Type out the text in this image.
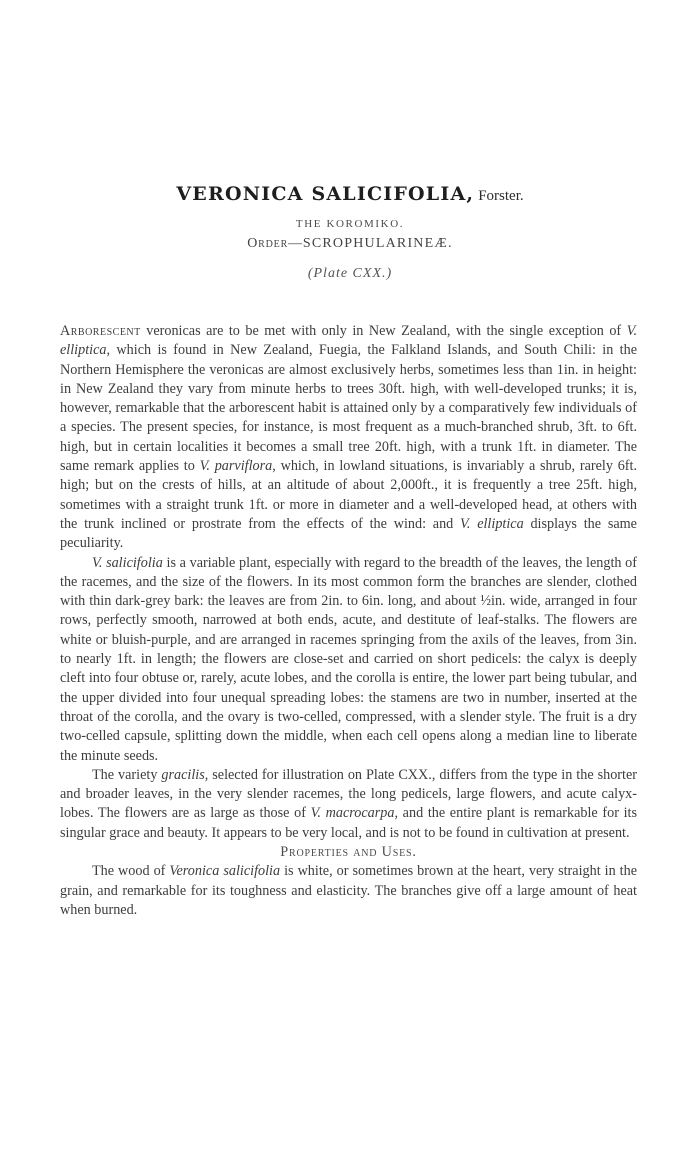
VERONICA SALICIFOLIA, Forster.
THE KOROMIKO.
Order—SCROPHULARINEÆ.
(Plate CXX.)

Arborescent veronicas are to be met with only in New Zealand, with the single exception of V. elliptica, which is found in New Zealand, Fuegia, the Falkland Islands, and South Chili: in the Northern Hemisphere the veronicas are almost exclusively herbs, sometimes less than 1in. in height: in New Zealand they vary from minute herbs to trees 30ft. high, with well-developed trunks; it is, however, remarkable that the arborescent habit is attained only by a comparatively few individuals of a species. The present species, for instance, is most frequent as a much-branched shrub, 3ft. to 6ft. high, but in certain localities it becomes a small tree 20ft. high, with a trunk 1ft. in diameter. The same remark applies to V. parviflora, which, in lowland situations, is invariably a shrub, rarely 6ft. high; but on the crests of hills, at an altitude of about 2,000ft., it is frequently a tree 25ft. high, sometimes with a straight trunk 1ft. or more in diameter and a well-developed head, at others with the trunk inclined or prostrate from the effects of the wind: and V. elliptica displays the same peculiarity.

V. salicifolia is a variable plant, especially with regard to the breadth of the leaves, the length of the racemes, and the size of the flowers. In its most common form the branches are slender, clothed with thin dark-grey bark: the leaves are from 2in. to 6in. long, and about ½in. wide, arranged in four rows, perfectly smooth, narrowed at both ends, acute, and destitute of leaf-stalks. The flowers are white or bluish-purple, and are arranged in racemes springing from the axils of the leaves, from 3in. to nearly 1ft. in length; the flowers are close-set and carried on short pedicels: the calyx is deeply cleft into four obtuse or, rarely, acute lobes, and the corolla is entire, the lower part being tubular, and the upper divided into four unequal spreading lobes: the stamens are two in number, inserted at the throat of the corolla, and the ovary is two-celled, compressed, with a slender style. The fruit is a dry two-celled capsule, splitting down the middle, when each cell opens along a median line to liberate the minute seeds.

The variety gracilis, selected for illustration on Plate CXX., differs from the type in the shorter and broader leaves, in the very slender racemes, the long pedicels, large flowers, and acute calyx-lobes. The flowers are as large as those of V. macrocarpa, and the entire plant is remarkable for its singular grace and beauty. It appears to be very local, and is not to be found in cultivation at present.

Properties and Uses.

The wood of Veronica salicifolia is white, or sometimes brown at the heart, very straight in the grain, and remarkable for its toughness and elasticity. The branches give off a large amount of heat when burned.
